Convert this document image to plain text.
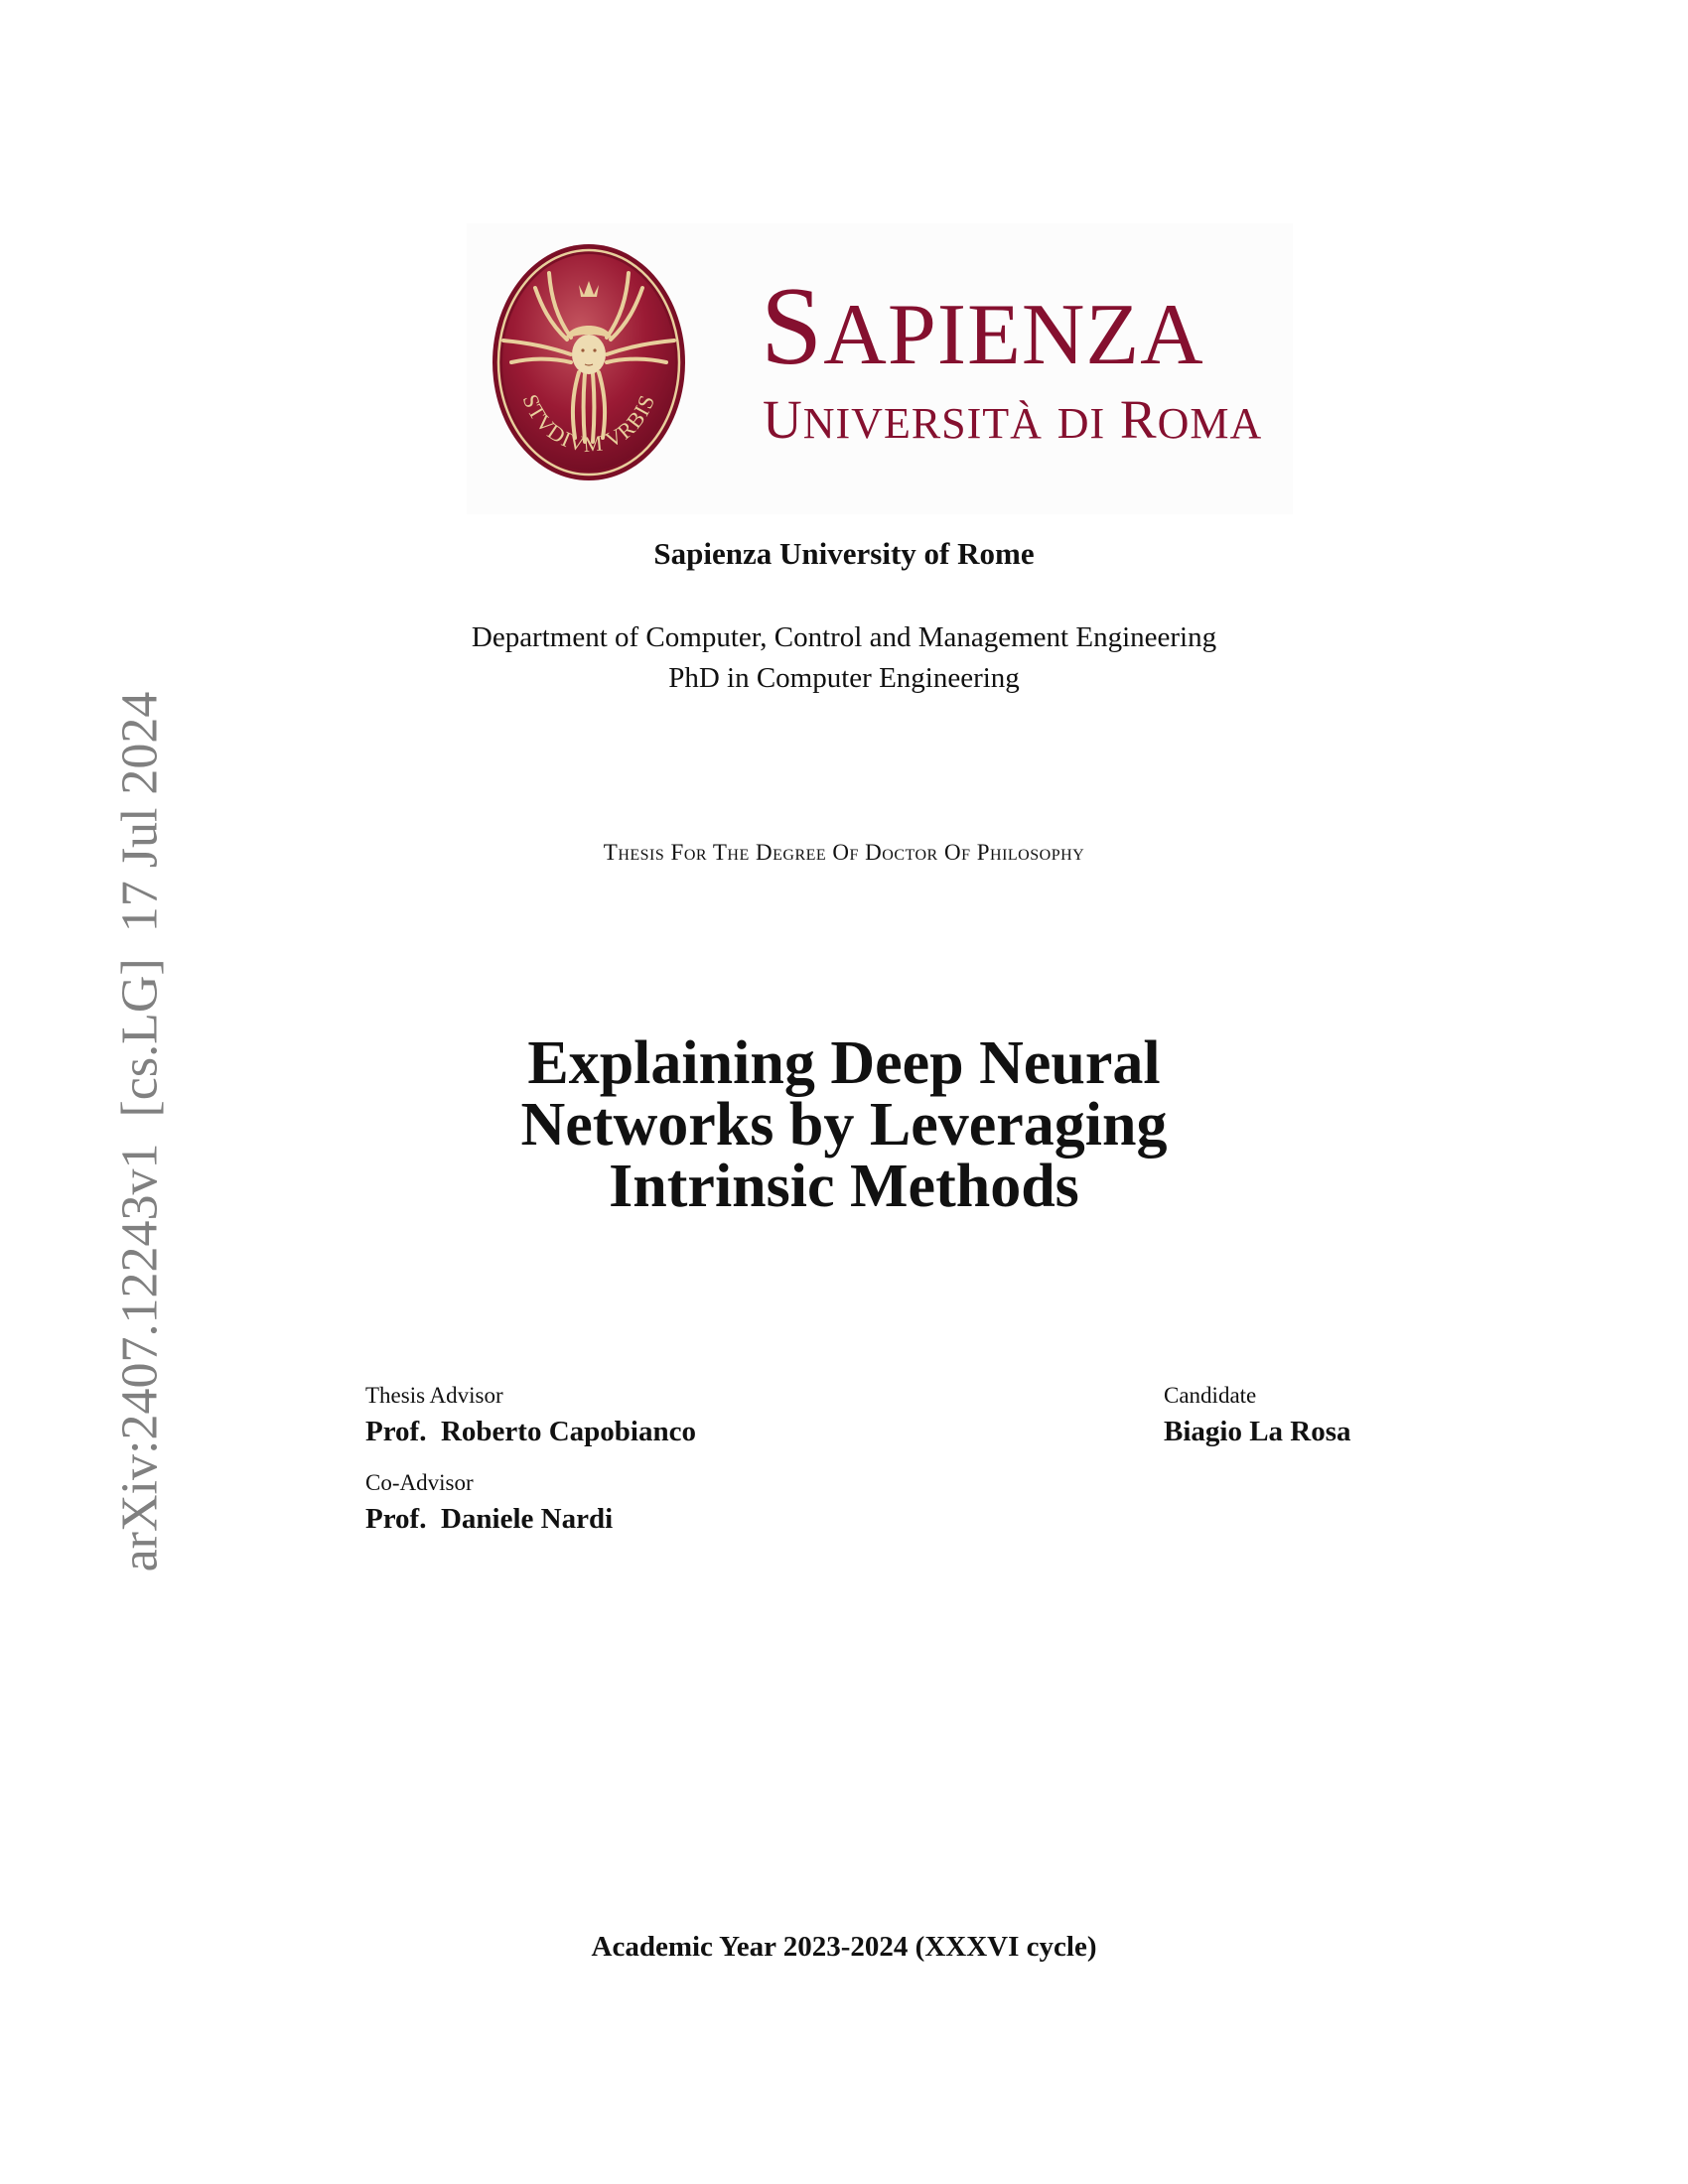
STVDIVM VRBIS
SAPIENZA
UNIVERSITÀ DI ROMA
Sapienza University of Rome
Department of Computer, Control and Management Engineering
PhD in Computer Engineering
Thesis For The Degree Of Doctor Of Philosophy
Explaining Deep Neural
Networks by Leveraging
Intrinsic Methods
Thesis Advisor
Prof.  Roberto Capobianco
Co-Advisor
Prof.  Daniele Nardi
Candidate
Biagio La Rosa
Academic Year 2023-2024 (XXXVI cycle)
arXiv:2407.12243v1  [cs.LG]  17 Jul 2024
